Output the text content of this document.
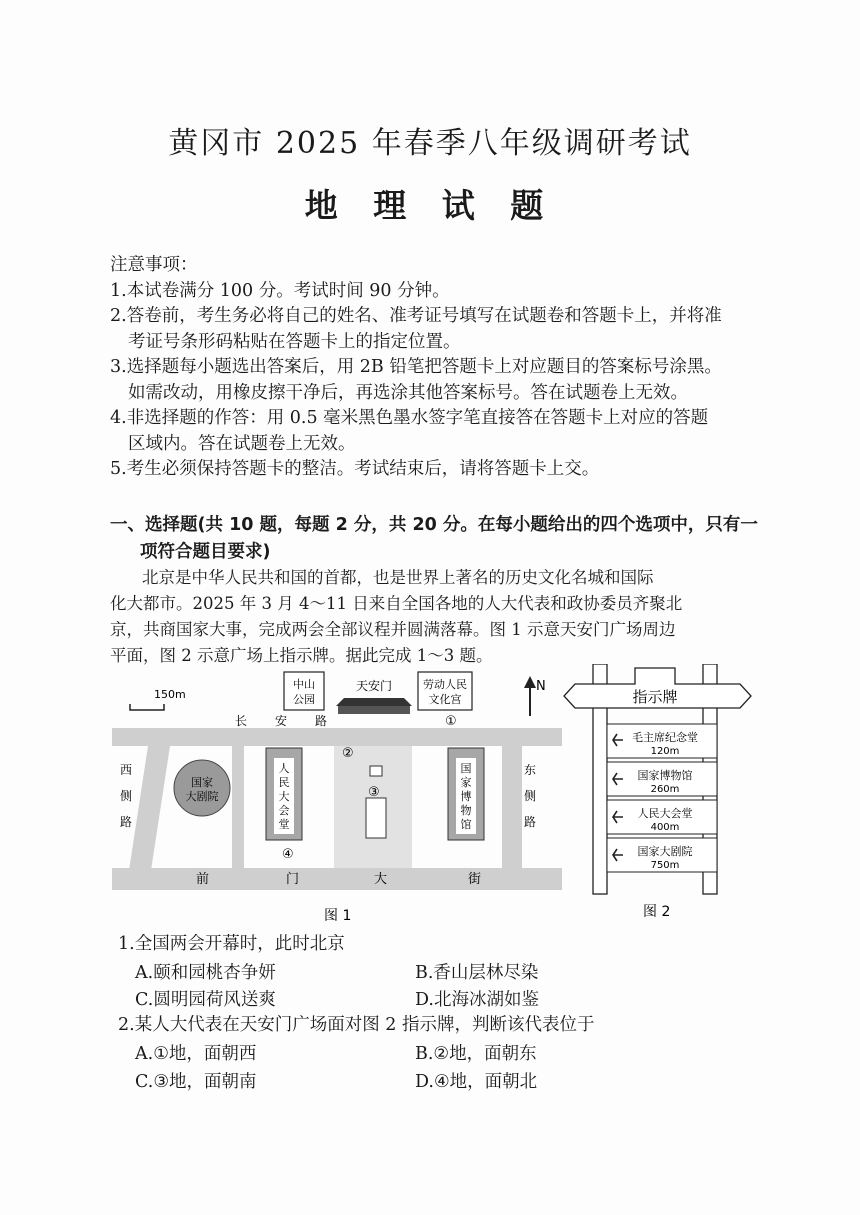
黄冈市 2025 年春季八年级调研考试
地 理 试 题
注意事项：
1.本试卷满分 100 分。考试时间 90 分钟。
2.答卷前，考生务必将自己的姓名、准考证号填写在试题卷和答题卡上，并将准
考证号条形码粘贴在答题卡上的指定位置。
3.选择题每小题选出答案后，用 2B 铅笔把答题卡上对应题目的答案标号涂黑。
如需改动，用橡皮擦干净后，再选涂其他答案标号。答在试题卷上无效。
4.非选择题的作答：用 0.5 毫米黑色墨水签字笔直接答在答题卡上对应的答题
区域内。答在试题卷上无效。
5.考生必须保持答题卡的整洁。考试结束后，请将答题卡上交。
一、选择题(共 10 题，每题 2 分，共 20 分。在每小题给出的四个选项中，只有一
项符合题目要求)
北京是中华人民共和国的首都，也是世界上著名的历史文化名城和国际
化大都市。2025 年 3 月 4～11 日来自全国各地的人大代表和政协委员齐聚北
京，共商国家大事，完成两会全部议程并圆满落幕。图 1 示意天安门广场周边
平面，图 2 示意广场上指示牌。据此完成 1～3 题。
150m
N
中山
公园
天安门	劳动人民
文化宫
长 安 路
国家
大剧院
人
民
大
会
堂
国
家
博
物
馆
西
侧
路
东
侧
路
前	门	大	街
①
②
③
④
图 1
指示牌
毛主席纪念堂
120m
国家博物馆
260m
人民大会堂
400m
国家大剧院
750m
图 2
1.全国两会开幕时，此时北京
A.颐和园桃杏争妍	B.香山层林尽染
C.圆明园荷风送爽	D.北海冰湖如鉴
2.某人大代表在天安门广场面对图 2 指示牌，判断该代表位于
A.①地，面朝西	B.②地，面朝东
C.③地，面朝南	D.④地，面朝北
